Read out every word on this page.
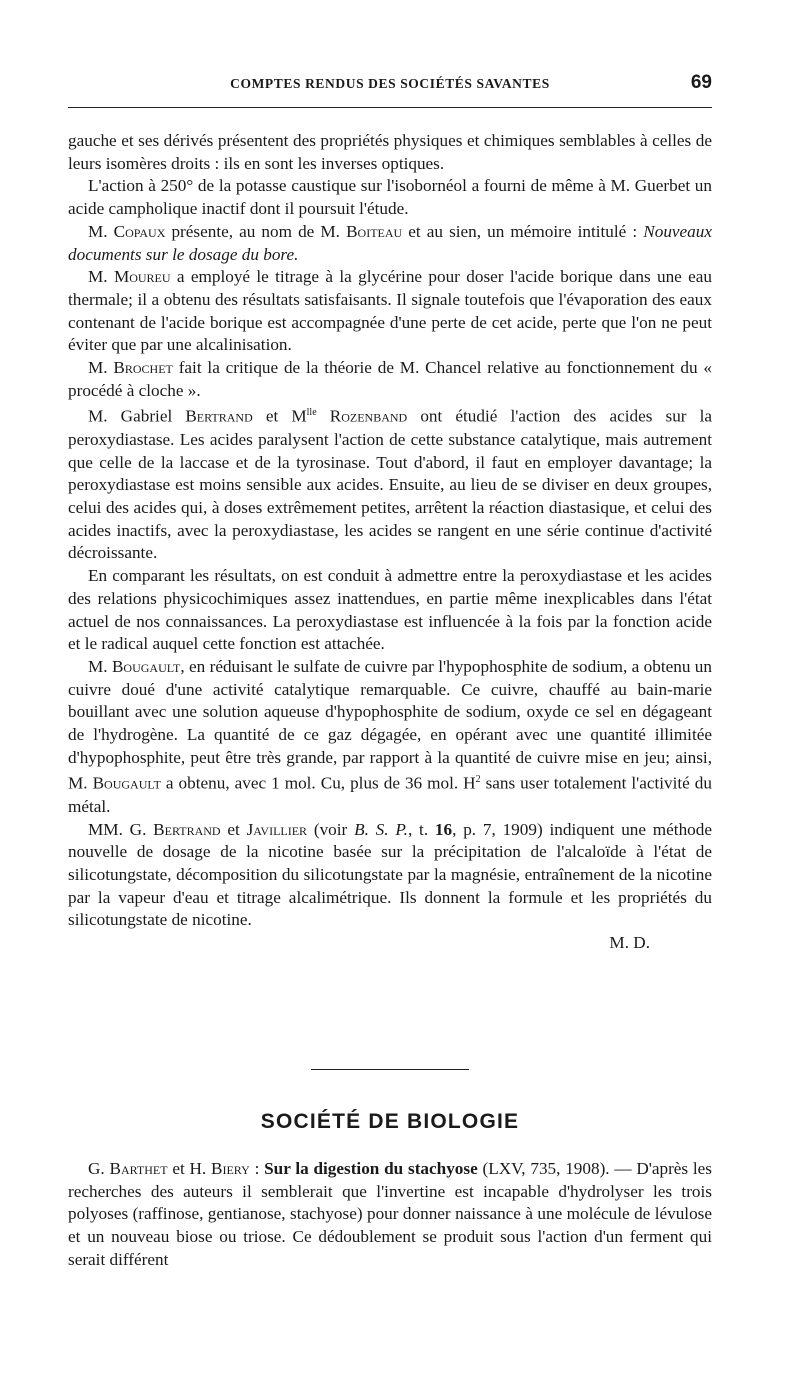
COMPTES RENDUS DES SOCIÉTÉS SAVANTES	69

gauche et ses dérivés présentent des propriétés physiques et chimiques semblables à celles de leurs isomères droits : ils en sont les inverses optiques.

L'action à 250° de la potasse caustique sur l'isobornéol a fourni de même à M. Guerbet un acide campholique inactif dont il poursuit l'étude.

M. Copaux présente, au nom de M. Boiteau et au sien, un mémoire intitulé : Nouveaux documents sur le dosage du bore.

M. Moureu a employé le titrage à la glycérine pour doser l'acide borique dans une eau thermale; il a obtenu des résultats satisfaisants. Il signale toutefois que l'évaporation des eaux contenant de l'acide borique est accompagnée d'une perte de cet acide, perte que l'on ne peut éviter que par une alcalinisation.

M. Brochet fait la critique de la théorie de M. Chancel relative au fonctionnement du « procédé à cloche ».

M. Gabriel Bertrand et $M^{lle}$ Rozenband ont étudié l'action des acides sur la peroxydiastase. Les acides paralysent l'action de cette substance catalytique, mais autrement que celle de la laccase et de la tyrosinase. Tout d'abord, il faut en employer davantage; la peroxydiastase est moins sensible aux acides. Ensuite, au lieu de se diviser en deux groupes, celui des acides qui, à doses extrêmement petites, arrêtent la réaction diastasique, et celui des acides inactifs, avec la peroxydiastase, les acides se rangent en une série continue d'activité décroissante.

En comparant les résultats, on est conduit à admettre entre la peroxydiastase et les acides des relations physicochimiques assez inattendues, en partie même inexplicables dans l'état actuel de nos connaissances. La peroxydiastase est influencée à la fois par la fonction acide et le radical auquel cette fonction est attachée.

M. Bougault, en réduisant le sulfate de cuivre par l'hypophosphite de sodium, a obtenu un cuivre doué d'une activité catalytique remarquable. Ce cuivre, chauffé au bain-marie bouillant avec une solution aqueuse d'hypophosphite de sodium, oxyde ce sel en dégageant de l'hydrogène. La quantité de ce gaz dégagée, en opérant avec une quantité illimitée d'hypophosphite, peut être très grande, par rapport à la quantité de cuivre mise en jeu; ainsi, M. Bougault a obtenu, avec 1 mol. Cu, plus de 36 mol. $H^2$ sans user totalement l'activité du métal.

MM. G. Bertrand et Javillier (voir B. S. P., t. 16, p. 7, 1909) indiquent une méthode nouvelle de dosage de la nicotine basée sur la précipitation de l'alcaloïde à l'état de silicotungstate, décomposition du silicotungstate par la magnésie, entraînement de la nicotine par la vapeur d'eau et titrage alcalimétrique. Ils donnent la formule et les propriétés du silicotungstate de nicotine.

M. D.

SOCIÉTÉ DE BIOLOGIE

G. Barthet et H. Biery : Sur la digestion du stachyose (LXV, 735, 1908). — D'après les recherches des auteurs il semblerait que l'invertine est incapable d'hydrolyser les trois polyoses (raffinose, gentianose, stachyose) pour donner naissance à une molécule de lévulose et un nouveau biose ou triose. Ce dédoublement se produit sous l'action d'un ferment qui serait différent
